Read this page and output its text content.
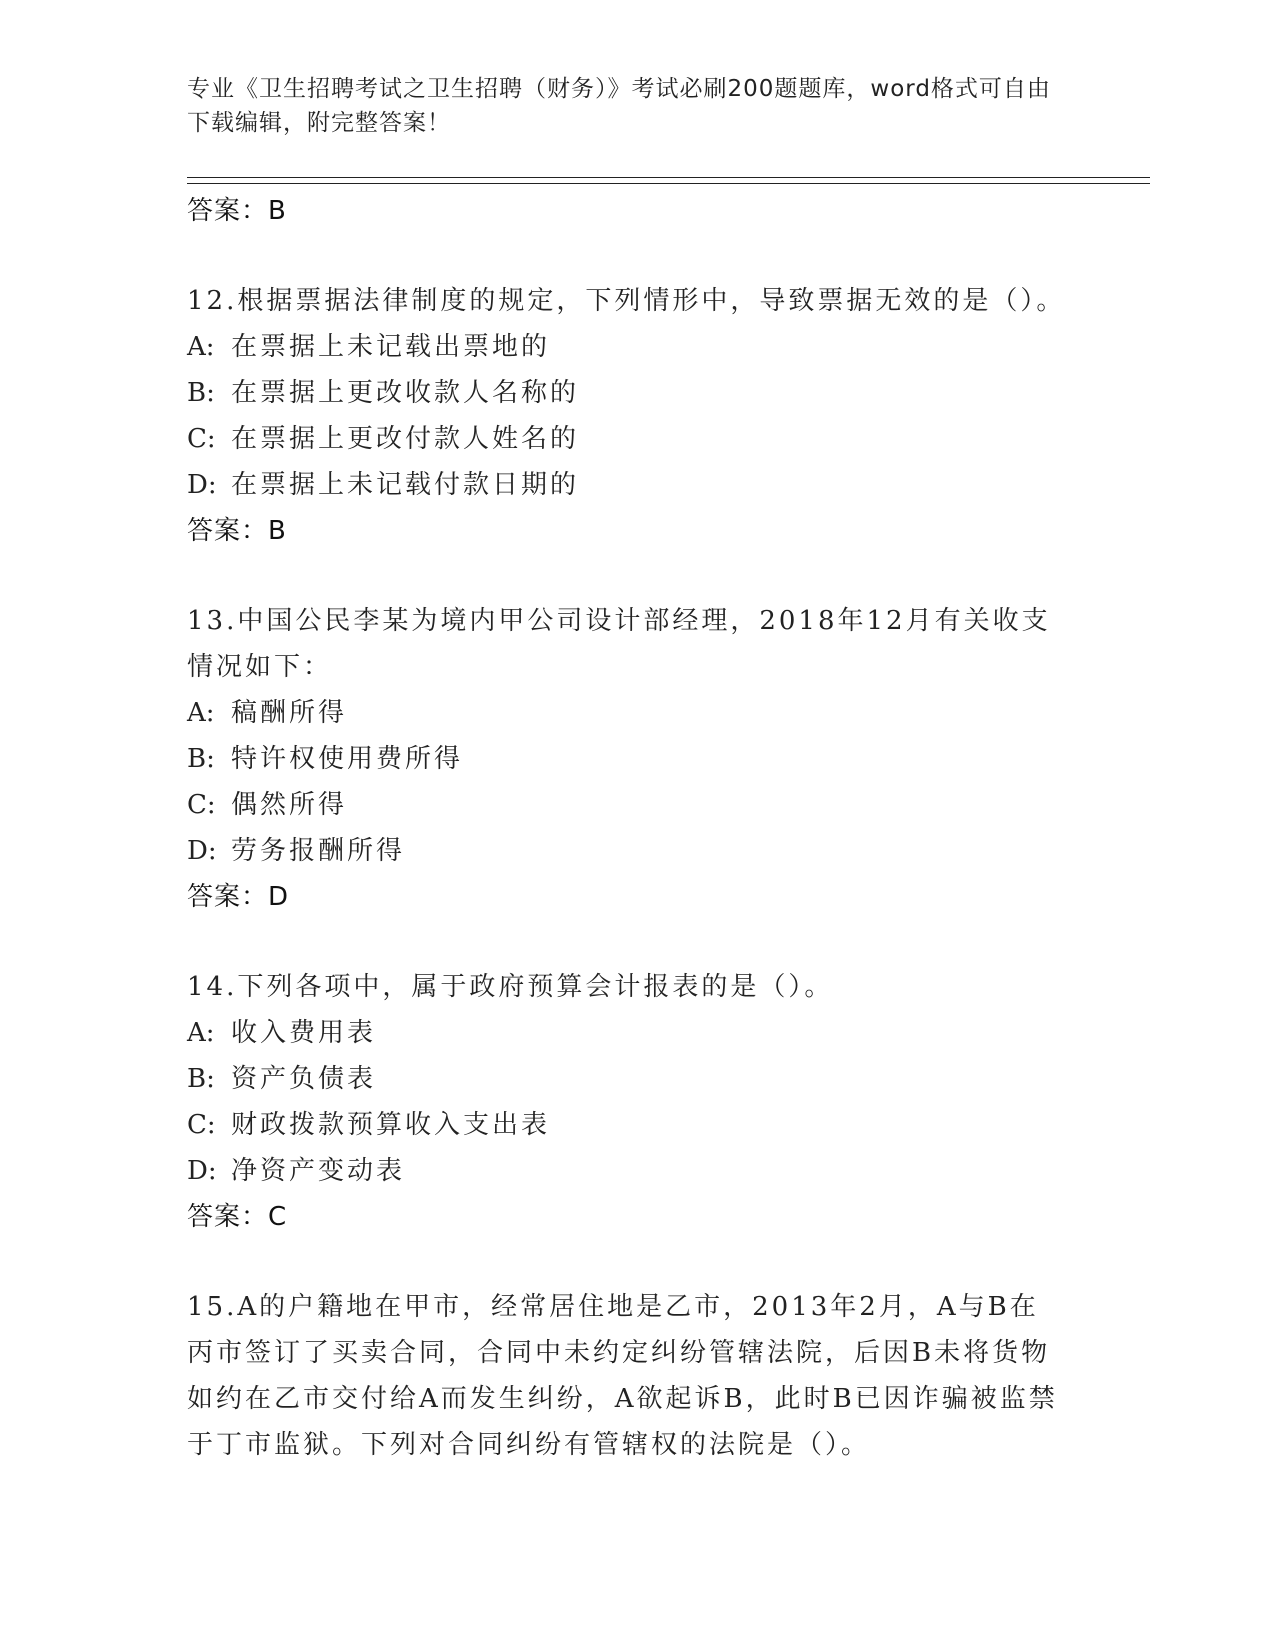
专业《卫生招聘考试之卫生招聘（财务）》考试必刷200题题库，word格式可自由下载编辑，附完整答案！

答案：B

12.根据票据法律制度的规定，下列情形中，导致票据无效的是（）。

A: 在票据上未记载出票地的

B: 在票据上更改收款人名称的

C: 在票据上更改付款人姓名的

D: 在票据上未记载付款日期的

答案：B

13.中国公民李某为境内甲公司设计部经理，2018年12月有关收支情况如下：

A: 稿酬所得

B: 特许权使用费所得

C: 偶然所得

D: 劳务报酬所得

答案：D

14.下列各项中，属于政府预算会计报表的是（）。

A: 收入费用表

B: 资产负债表

C: 财政拨款预算收入支出表

D: 净资产变动表

答案：C

15.A的户籍地在甲市，经常居住地是乙市，2013年2月，A与B在丙市签订了买卖合同，合同中未约定纠纷管辖法院，后因B未将货物如约在乙市交付给A而发生纠纷，A欲起诉B，此时B已因诈骗被监禁于丁市监狱。下列对合同纠纷有管辖权的法院是（）。
